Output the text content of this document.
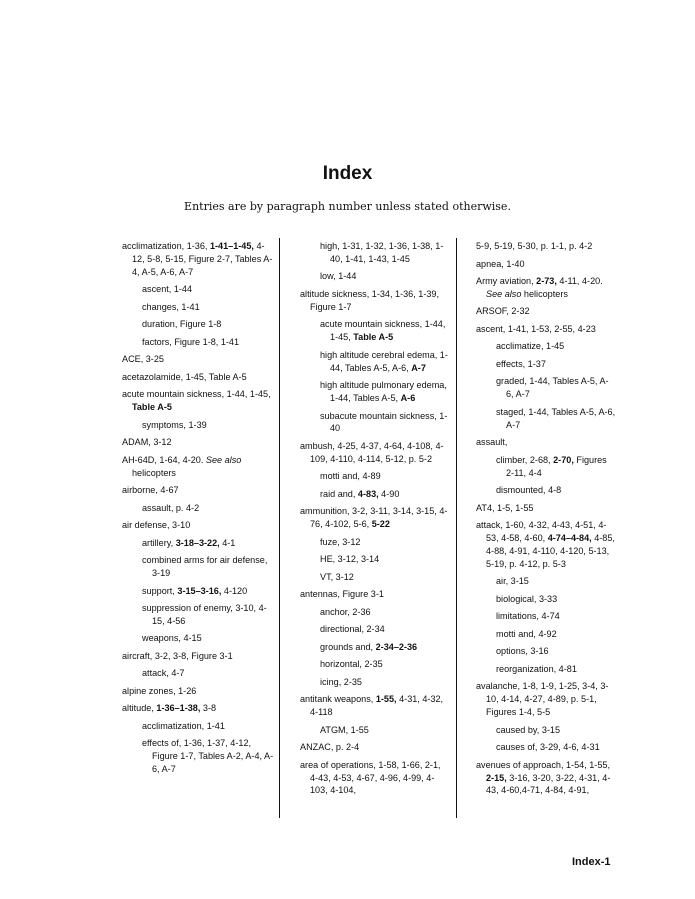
Index
Entries are by paragraph number unless stated otherwise.
acclimatization, 1-36, 1-41–1-45, 4-12, 5-8, 5-15, Figure 2-7, Tables A-4, A-5, A-6, A-7
ascent, 1-44
changes, 1-41
duration, Figure 1-8
factors, Figure 1-8, 1-41
ACE, 3-25
acetazolamide, 1-45, Table A-5
acute mountain sickness, 1-44, 1-45, Table A-5
symptoms, 1-39
ADAM, 3-12
AH-64D, 1-64, 4-20. See also helicopters
airborne, 4-67
assault, p. 4-2
air defense, 3-10
artillery, 3-18–3-22, 4-1
combined arms for air defense, 3-19
support, 3-15–3-16, 4-120
suppression of enemy, 3-10, 4-15, 4-56
weapons, 4-15
aircraft, 3-2, 3-8, Figure 3-1
attack, 4-7
alpine zones, 1-26
altitude, 1-36–1-38, 3-8
acclimatization, 1-41
effects of, 1-36, 1-37, 4-12, Figure 1-7, Tables A-2, A-4, A-6, A-7
high, 1-31, 1-32, 1-36, 1-38, 1-40, 1-41, 1-43, 1-45
low, 1-44
altitude sickness, 1-34, 1-36, 1-39, Figure 1-7
acute mountain sickness, 1-44, 1-45, Table A-5
high altitude cerebral edema, 1-44, Tables A-5, A-6, A-7
high altitude pulmonary edema, 1-44, Tables A-5, A-6
subacute mountain sickness, 1-40
ambush, 4-25, 4-37, 4-64, 4-108, 4-109, 4-110, 4-114, 5-12, p. 5-2
motti and, 4-89
raid and, 4-83, 4-90
ammunition, 3-2, 3-11, 3-14, 3-15, 4-76, 4-102, 5-6, 5-22
fuze, 3-12
HE, 3-12, 3-14
VT, 3-12
antennas, Figure 3-1
anchor, 2-36
directional, 2-34
grounds and, 2-34–2-36
horizontal, 2-35
icing, 2-35
antitank weapons, 1-55, 4-31, 4-32, 4-118
ATGM, 1-55
ANZAC, p. 2-4
area of operations, 1-58, 1-66, 2-1, 4-43, 4-53, 4-67, 4-96, 4-99, 4-103, 4-104,
5-9, 5-19, 5-30, p. 1-1, p. 4-2
apnea, 1-40
Army aviation, 2-73, 4-11, 4-20. See also helicopters
ARSOF, 2-32
ascent, 1-41, 1-53, 2-55, 4-23
acclimatize, 1-45
effects, 1-37
graded, 1-44, Tables A-5, A-6, A-7
staged, 1-44, Tables A-5, A-6, A-7
assault,
climber, 2-68, 2-70, Figures 2-11, 4-4
dismounted, 4-8
AT4, 1-5, 1-55
attack, 1-60, 4-32, 4-43, 4-51, 4-53, 4-58, 4-60, 4-74–4-84, 4-85, 4-88, 4-91, 4-110, 4-120, 5-13, 5-19, p. 4-12, p. 5-3
air, 3-15
biological, 3-33
limitations, 4-74
motti and, 4-92
options, 3-16
reorganization, 4-81
avalanche, 1-8, 1-9, 1-25, 3-4, 3-10, 4-14, 4-27, 4-89, p. 5-1, Figures 1-4, 5-5
caused by, 3-15
causes of, 3-29, 4-6, 4-31
avenues of approach, 1-54, 1-55, 2-15, 3-16, 3-20, 3-22, 4-31, 4-43, 4-60,4-71, 4-84, 4-91,
Index-1
